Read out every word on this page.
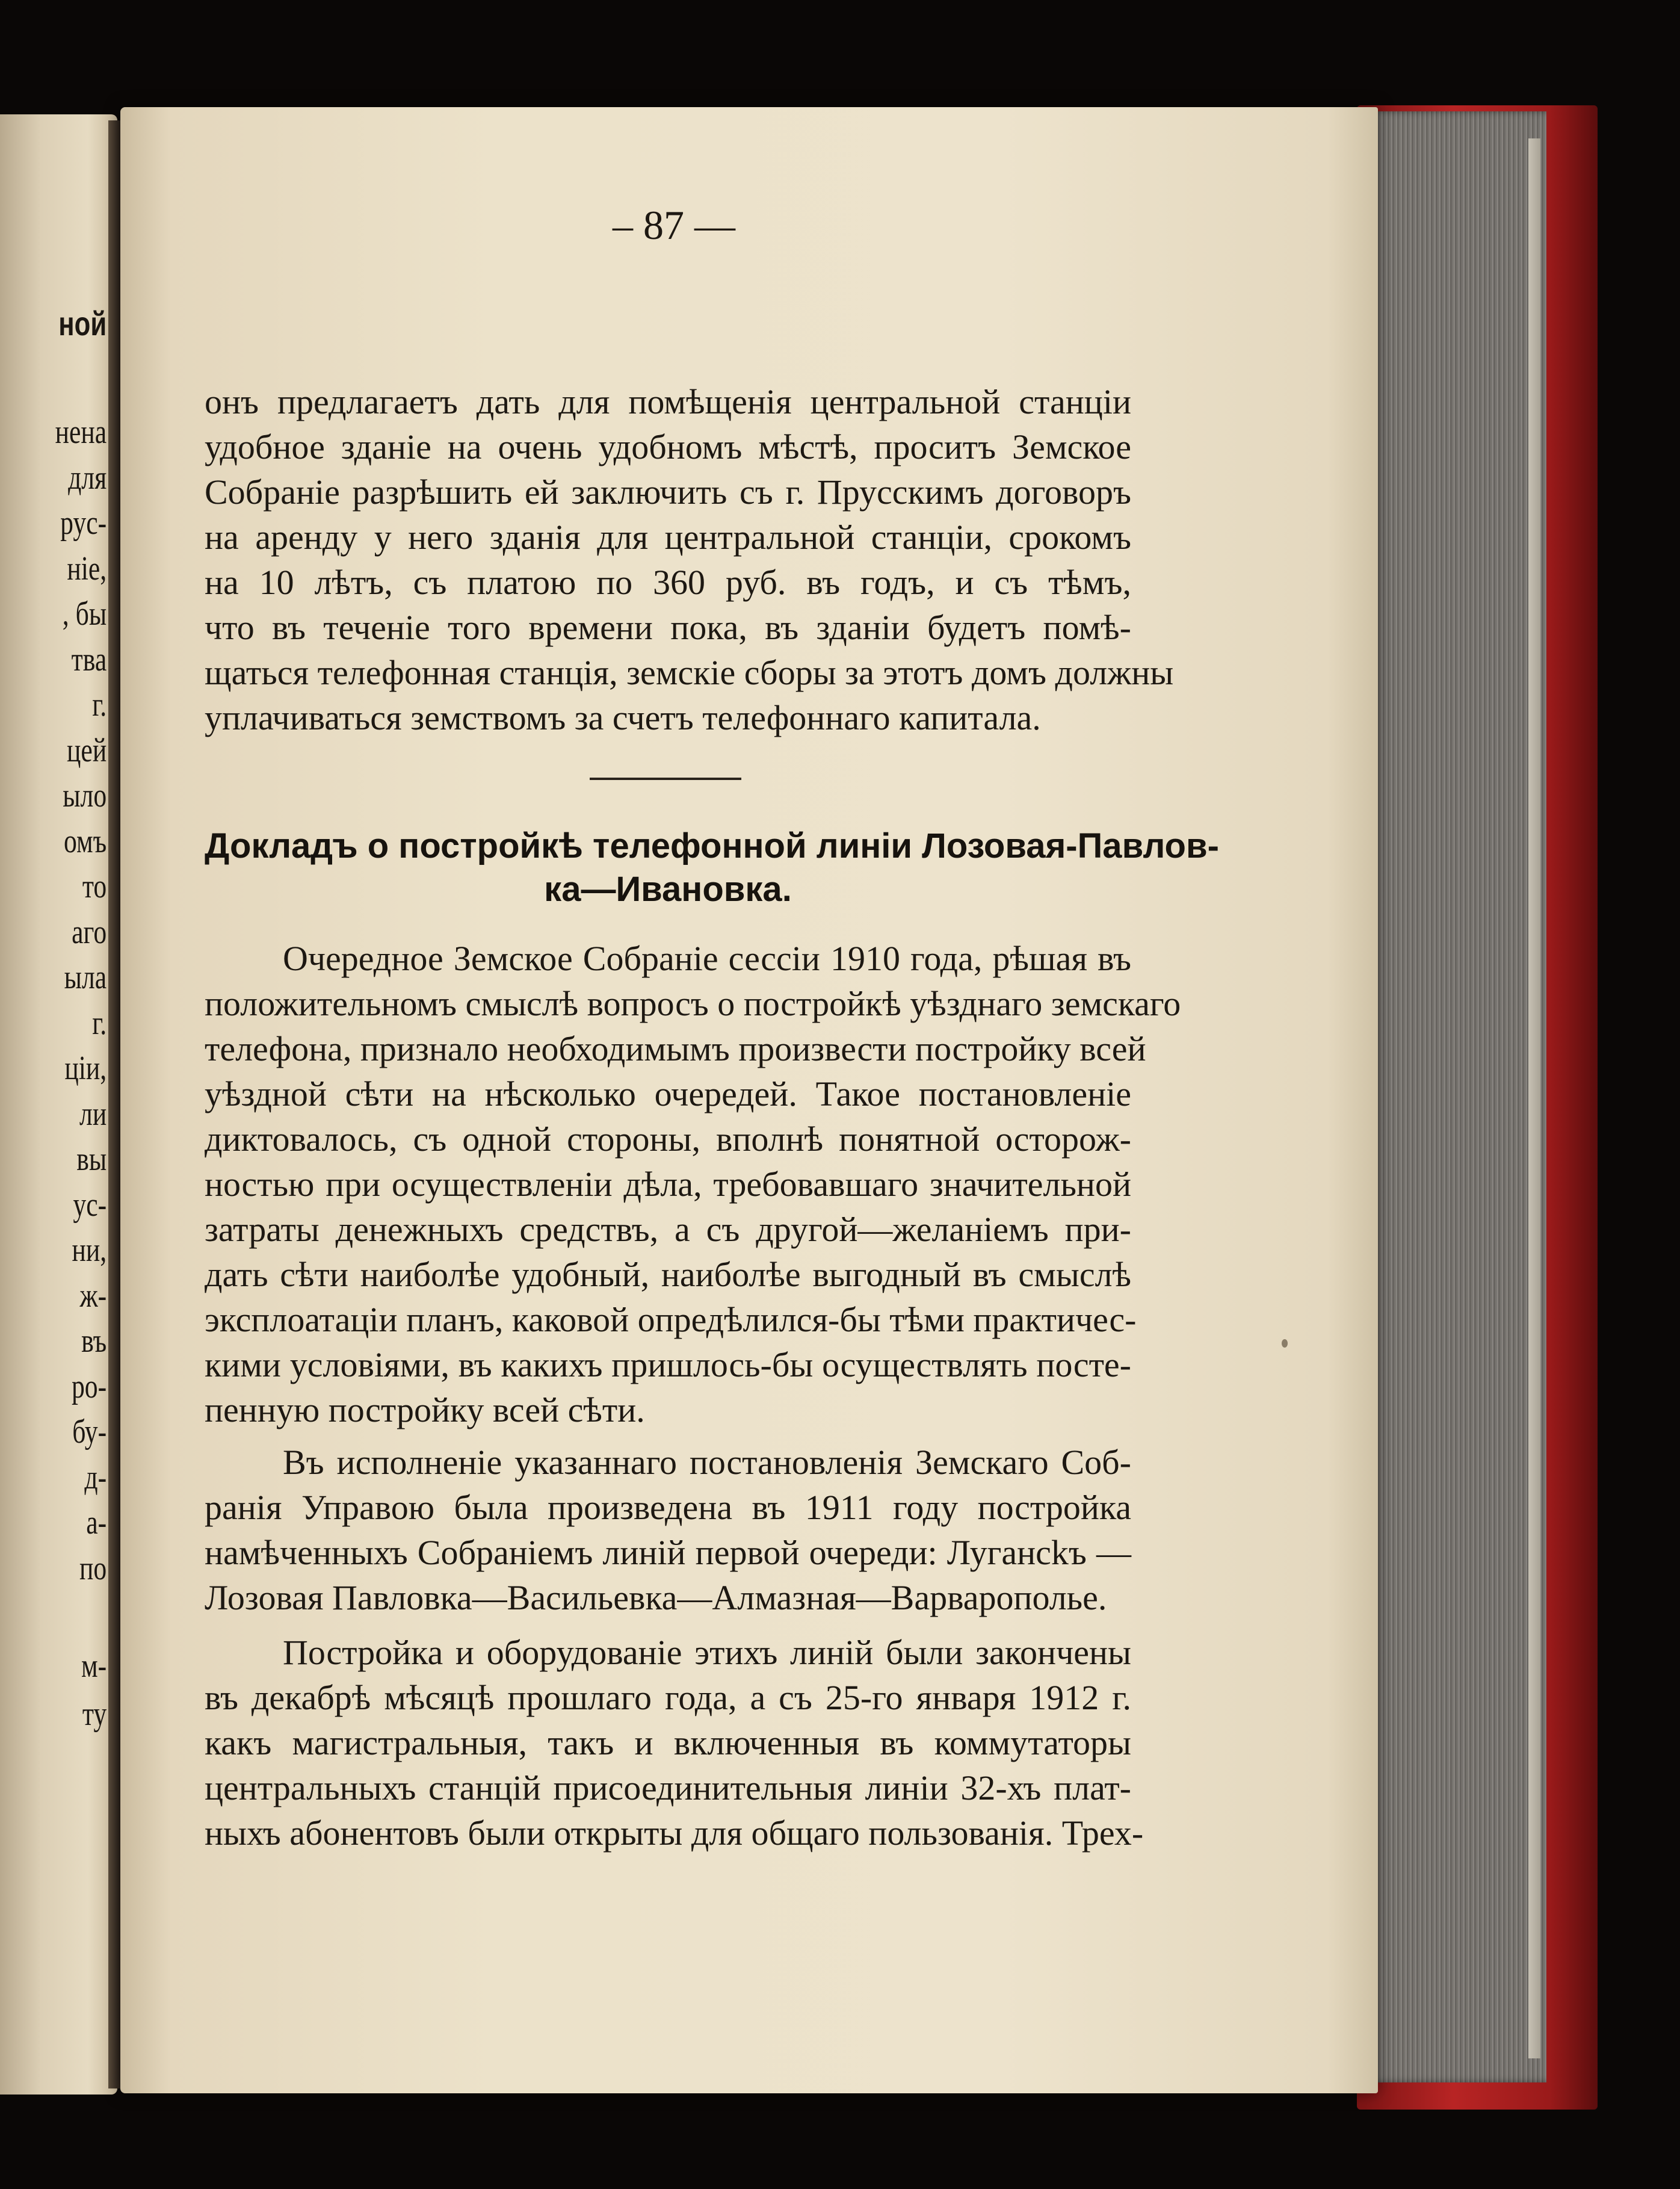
ной
нена
для
рус-
ніе,
, бы
тва
г.
цей
ыло
омъ
то
аго
ыла
г.
ціи,
ли
вы
ус-
ни,
ж-
въ
ро-
бу-
д-
а-
по
м-
ту
– 87 —
онъ предлагаетъ дать для помѣщенія центральной станціи
удобное зданіе на очень удобномъ мѣстѣ, проситъ Земское
Собраніе разрѣшить ей заключить съ г. Прусскимъ договоръ
на аренду у него зданія для центральной станціи, срокомъ
на 10 лѣтъ, съ платою по 360 руб. въ годъ, и съ тѣмъ,
что въ теченіе того времени пока, въ зданіи будетъ помѣ-
щаться телефонная станція, земскіе сборы за этотъ домъ должны
уплачиваться земствомъ за счетъ телефоннаго капитала.
Докладъ о постройкѣ телефонной линіи Лозовая-Павлов-
ка—Ивановка.
Очередное Земское Собраніе сессіи 1910 года, рѣшая въ
положительномъ смыслѣ вопросъ о постройкѣ уѣзднаго земскаго
телефона, признало необходимымъ произвести постройку всей
уѣздной сѣти на нѣсколько очередей. Такое постановленіе
диктовалось, съ одной стороны, вполнѣ понятной осторож-
ностью при осуществленіи дѣла, требовавшаго значительной
затраты денежныхъ средствъ, а съ другой—желаніемъ при-
дать сѣти наиболѣе удобный, наиболѣе выгодный въ смыслѣ
эксплоатаціи планъ, каковой опредѣлился-бы тѣми практичес-
кими условіями, въ какихъ пришлось-бы осуществлять посте-
пенную постройку всей сѣти.
Въ исполненіе указаннаго постановленія Земскаго Соб-
ранія Управою была произведена въ 1911 году постройка
намѣченныхъ Собраніемъ линій первой очереди: Лугансkъ —
Лозовая Павловка—Васильевка—Алмазная—Варварополье.
Постройка и оборудованіе этихъ линій были закончены
въ декабрѣ мѣсяцѣ прошлаго года, а съ 25-го января 1912 г.
какъ магистральныя, такъ и включенныя въ коммутаторы
центральныхъ станцій присоединительныя линіи 32-хъ плат-
ныхъ абонентовъ были открыты для общаго пользованія. Трех-
